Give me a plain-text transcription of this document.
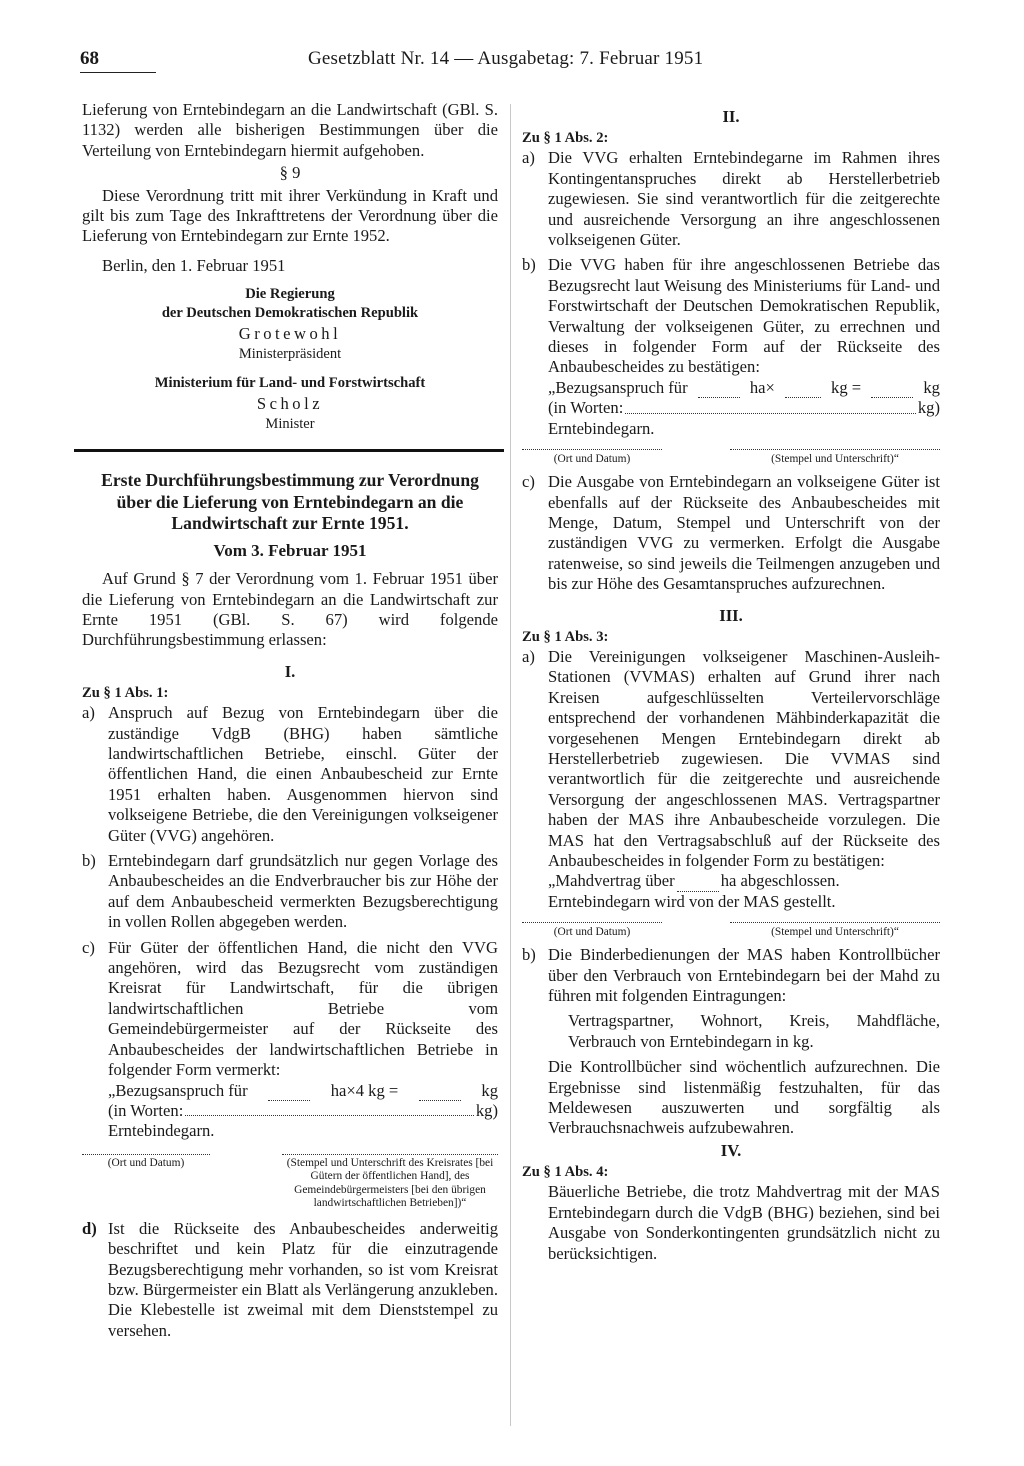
68	Gesetzblatt Nr. 14 — Ausgabetag: 7. Februar 1951

Lieferung von Erntebindegarn an die Landwirtschaft (GBl. S. 1132) werden alle bisherigen Bestimmungen über die Verteilung von Erntebindegarn hiermit aufgehoben.

§ 9

Diese Verordnung tritt mit ihrer Verkündung in Kraft und gilt bis zum Tage des Inkrafttretens der Verordnung über die Lieferung von Erntebindegarn zur Ernte 1952.

Berlin, den 1. Februar 1951

Die Regierung

der Deutschen Demokratischen Republik

Grotewohl

Ministerpräsident

Ministerium für Land- und Forstwirtschaft

Scholz

Minister

Erste Durchführungsbestimmung zur Verordnung über die Lieferung von Erntebindegarn an die Landwirtschaft zur Ernte 1951.

Vom 3. Februar 1951

Auf Grund § 7 der Verordnung vom 1. Februar 1951 über die Lieferung von Erntebindegarn an die Landwirtschaft zur Ernte 1951 (GBl. S. 67) wird folgende Durchführungsbestimmung erlassen:

I.

Zu § 1 Abs. 1:

a) Anspruch auf Bezug von Erntebindegarn über die zuständige VdgB (BHG) haben sämtliche landwirtschaftlichen Betriebe, einschl. Güter der öffentlichen Hand, die einen Anbaubescheid zur Ernte 1951 erhalten haben. Ausgenommen hiervon sind volkseigene Betriebe, die den Vereinigungen volkseigener Güter (VVG) angehören.
b) Erntebindegarn darf grundsätzlich nur gegen Vorlage des Anbaubescheides an die Endverbraucher bis zur Höhe der auf dem Anbaubescheid vermerkten Bezugsberechtigung in vollen Rollen abgegeben werden.
c) Für Güter der öffentlichen Hand, die nicht den VVG angehören, wird das Bezugsrecht vom zuständigen Kreisrat für Landwirtschaft, für die übrigen landwirtschaftlichen Betriebe vom Gemeindebürgermeister auf der Rückseite des Anbaubescheides der landwirtschaftlichen Betriebe in folgender Form vermerkt:
„Bezugsanspruch für	ha×4 kg =	kg
(in Worten:	kg)

Erntebindegarn.

(Ort und Datum)	(Stempel und Unterschrift des Kreisrates [bei Gütern der öffentlichen Hand], des Gemeindebürgermeisters [bei den übrigen landwirtschaftlichen Betrieben])“
d) Ist die Rückseite des Anbaubescheides anderweitig beschriftet und kein Platz für die einzutragende Bezugsberechtigung mehr vorhanden, so ist vom Kreisrat bzw. Bürgermeister ein Blatt als Verlängerung anzukleben. Die Klebestelle ist zweimal mit dem Dienststempel zu versehen.

II.

Zu § 1 Abs. 2:

a) Die VVG erhalten Erntebindegarne im Rahmen ihres Kontingentanspruches direkt ab Herstellerbetrieb zugewiesen. Sie sind verantwortlich für die zeitgerechte und ausreichende Versorgung an ihre angeschlossenen volkseigenen Güter.
b) Die VVG haben für ihre angeschlossenen Betriebe das Bezugsrecht laut Weisung des Ministeriums für Land- und Forstwirtschaft der Deutschen Demokratischen Republik, Verwaltung der volkseigenen Güter, zu errechnen und dieses in folgender Form auf der Rückseite des Anbaubescheides zu bestätigen:
„Bezugsanspruch für	ha×	kg =	kg
(in Worten:	kg)

Erntebindegarn.

(Ort und Datum)	(Stempel und Unterschrift)“
c) Die Ausgabe von Erntebindegarn an volkseigene Güter ist ebenfalls auf der Rückseite des Anbaubescheides mit Menge, Datum, Stempel und Unterschrift von der zuständigen VVG zu vermerken. Erfolgt die Ausgabe ratenweise, so sind jeweils die Teilmengen anzugeben und bis zur Höhe des Gesamtanspruches aufzurechnen.

III.

Zu § 1 Abs. 3:

a) Die Vereinigungen volkseigener Maschinen-Ausleih-Stationen (VVMAS) erhalten auf Grund ihrer nach Kreisen aufgeschlüsselten Verteilervorschläge entsprechend der vorhandenen Mähbinderkapazität die vorgesehenen Mengen Erntebindegarn direkt ab Herstellerbetrieb zugewiesen. Die VVMAS sind verantwortlich für die zeitgerechte und ausreichende Versorgung der angeschlossenen MAS. Vertragspartner haben der MAS ihre Anbaubescheide vorzulegen. Die MAS hat den Vertragsabschluß auf der Rückseite des Anbaubescheides in folgender Form zu bestätigen:
„Mahdvertrag über	ha abgeschlossen.

Erntebindegarn wird von der MAS gestellt.

(Ort und Datum)	(Stempel und Unterschrift)“
b) Die Binderbedienungen der MAS haben Kontrollbücher über den Verbrauch von Erntebindegarn bei der Mahd zu führen mit folgenden Eintragungen:

Vertragspartner, Wohnort, Kreis, Mahdfläche, Verbrauch von Erntebindegarn in kg.

Die Kontrollbücher sind wöchentlich aufzurechnen. Die Ergebnisse sind listenmäßig festzuhalten, für das Meldewesen auszuwerten und sorgfältig als Verbrauchsnachweis aufzubewahren.

IV.

Zu § 1 Abs. 4:

Bäuerliche Betriebe, die trotz Mahdvertrag mit der MAS Erntebindegarn durch die VdgB (BHG) beziehen, sind bei Ausgabe von Sonderkontingenten grundsätzlich nicht zu berücksichtigen.
